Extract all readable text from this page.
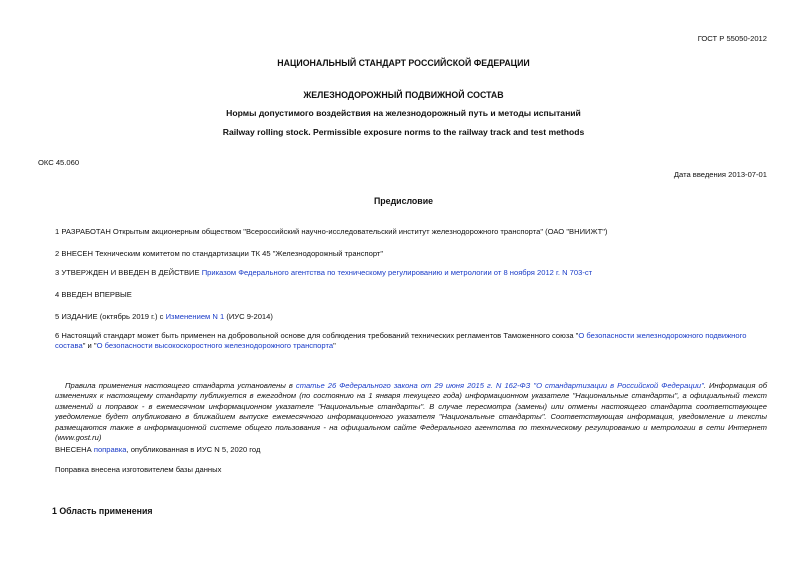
ГОСТ Р 55050-2012
НАЦИОНАЛЬНЫЙ СТАНДАРТ РОССИЙСКОЙ ФЕДЕРАЦИИ
ЖЕЛЕЗНОДОРОЖНЫЙ ПОДВИЖНОЙ СОСТАВ
Нормы допустимого воздействия на железнодорожный путь и методы испытаний
Railway rolling stock. Permissible exposure norms to the railway track and test methods
ОКС 45.060
Дата введения 2013-07-01
Предисловие
1 РАЗРАБОТАН Открытым акционерным обществом "Всероссийский научно-исследовательский институт железнодорожного транспорта" (ОАО "ВНИИЖТ")
2 ВНЕСЕН Техническим комитетом по стандартизации ТК 45 "Железнодорожный транспорт"
3 УТВЕРЖДЕН И ВВЕДЕН В ДЕЙСТВИЕ Приказом Федерального агентства по техническому регулированию и метрологии от 8 ноября 2012 г. N 703-ст
4 ВВЕДЕН ВПЕРВЫЕ
5 ИЗДАНИЕ (октябрь 2019 г.) с Изменением N 1 (ИУС 9-2014)
6 Настоящий стандарт может быть применен на добровольной основе для соблюдения требований технических регламентов Таможенного союза "О безопасности железнодорожного подвижного состава" и "О безопасности высокоскоростного железнодорожного транспорта"
Правила применения настоящего стандарта установлены в статье 26 Федерального закона от 29 июня 2015 г. N 162-ФЗ "О стандартизации в Российской Федерации". Информация об изменениях к настоящему стандарту публикуется в ежегодном (по состоянию на 1 января текущего года) информационном указателе "Национальные стандарты", а официальный текст изменений и поправок - в ежемесячном информационном указателе "Национальные стандарты". В случае пересмотра (замены) или отмены настоящего стандарта соответствующее уведомление будет опубликовано в ближайшем выпуске ежемесячного информационного указателя "Национальные стандарты". Соответствующая информация, уведомление и тексты размещаются также в информационной системе общего пользования - на официальном сайте Федерального агентства по техническому регулированию и метрологии в сети Интернет (www.gost.ru)
ВНЕСЕНА поправка, опубликованная в ИУС N 5, 2020 год
Поправка внесена изготовителем базы данных
1 Область применения
